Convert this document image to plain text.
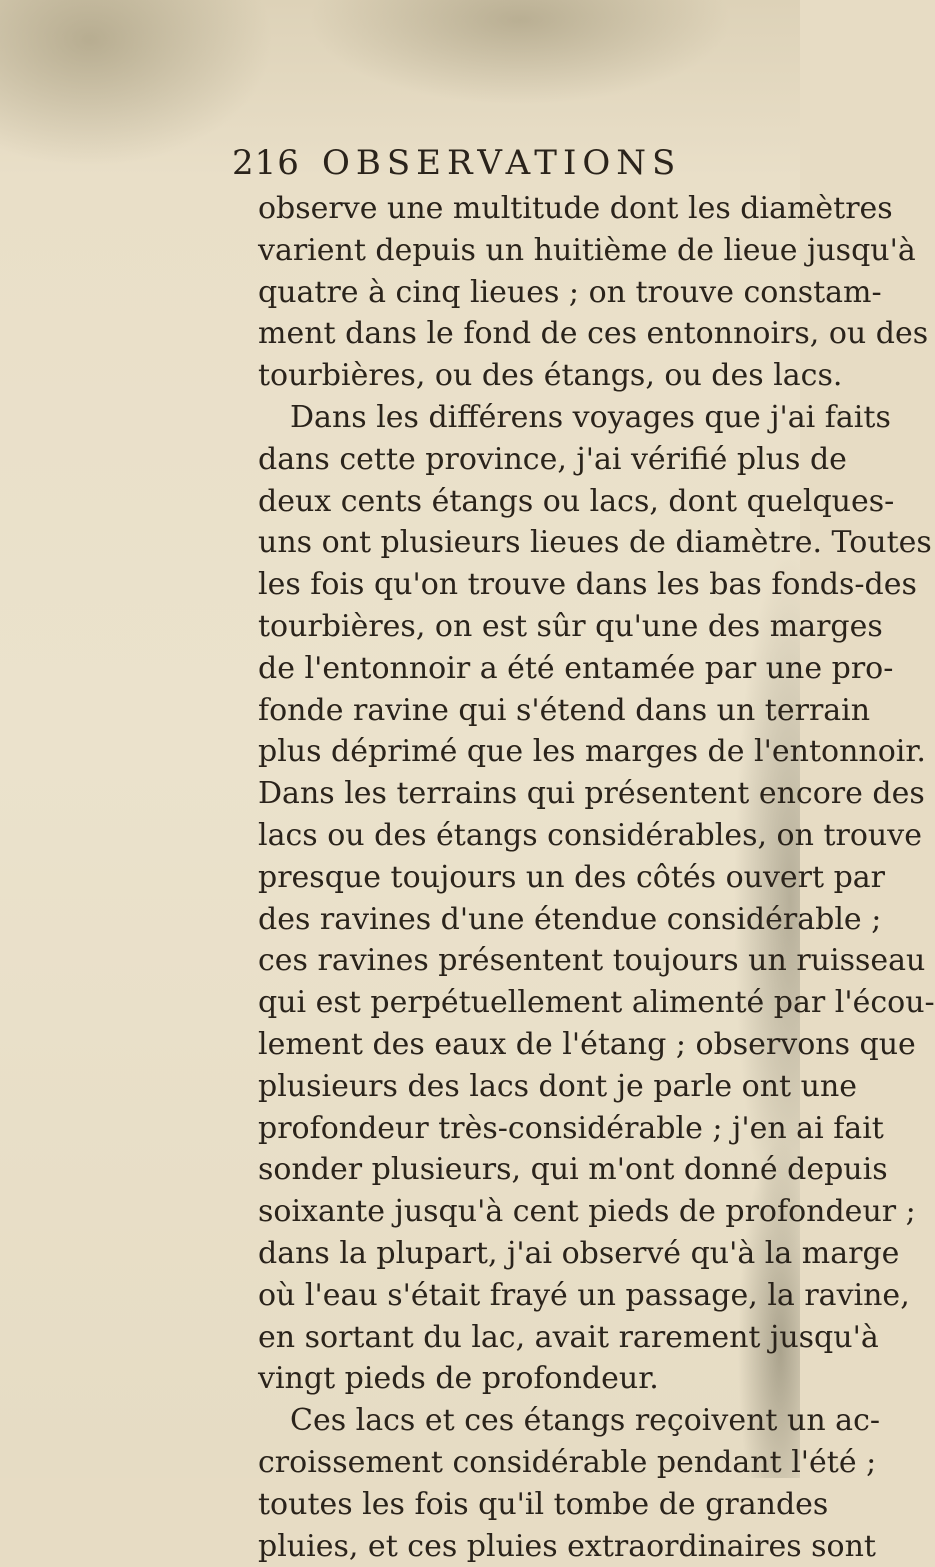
216 OBSERVATIONS
observe une multitude dont les diamètres
varient depuis un huitième de lieue jusqu'à
quatre à cinq lieues ; on trouve constam-
ment dans le fond de ces entonnoirs, ou des
tourbières, ou des étangs, ou des lacs.
Dans les différens voyages que j'ai faits
dans cette province, j'ai vérifié plus de
deux cents étangs ou lacs, dont quelques-
uns ont plusieurs lieues de diamètre. Toutes
les fois qu'on trouve dans les bas fonds-des
tourbières, on est sûr qu'une des marges
de l'entonnoir a été entamée par une pro-
fonde ravine qui s'étend dans un terrain
plus déprimé que les marges de l'entonnoir.
Dans les terrains qui présentent encore des
lacs ou des étangs considérables, on trouve
presque toujours un des côtés ouvert par
des ravines d'une étendue considérable ;
ces ravines présentent toujours un ruisseau
qui est perpétuellement alimenté par l'écou-
lement des eaux de l'étang ; observons que
plusieurs des lacs dont je parle ont une
profondeur très-considérable ; j'en ai fait
sonder plusieurs, qui m'ont donné depuis
soixante jusqu'à cent pieds de profondeur ;
dans la plupart, j'ai observé qu'à la marge
où l'eau s'était frayé un passage, la ravine,
en sortant du lac, avait rarement jusqu'à
vingt pieds de profondeur.
Ces lacs et ces étangs reçoivent un ac-
croissement considérable pendant l'été ;
toutes les fois qu'il tombe de grandes
pluies, et ces pluies extraordinaires sont
